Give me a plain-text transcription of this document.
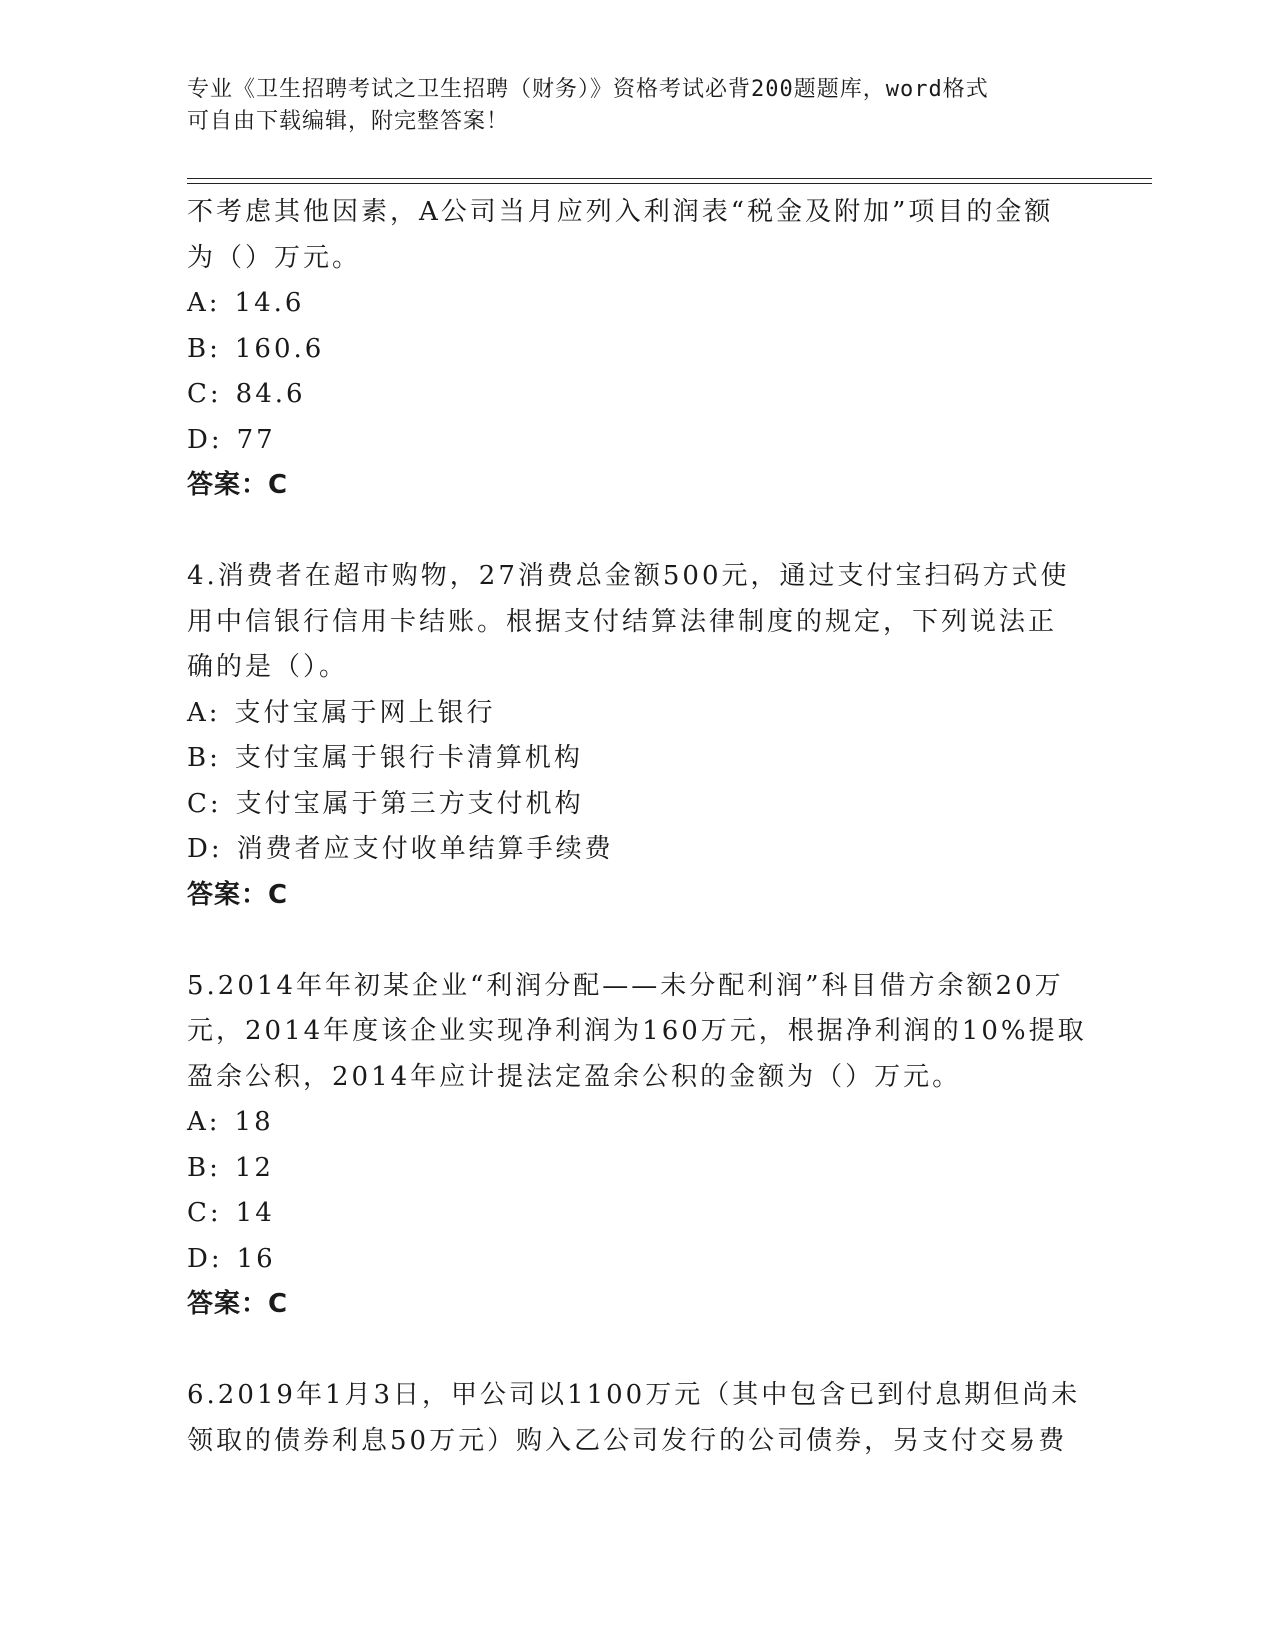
专业《卫生招聘考试之卫生招聘（财务）》资格考试必背200题题库，word格式
可自由下载编辑，附完整答案！
不考虑其他因素，A公司当月应列入利润表“税金及附加”项目的金额
为（）万元。
A: 14.6
B: 160.6
C: 84.6
D: 77
答案：C
4.消费者在超市购物，27消费总金额500元，通过支付宝扫码方式使
用中信银行信用卡结账。根据支付结算法律制度的规定，下列说法正
确的是（）。
A: 支付宝属于网上银行
B: 支付宝属于银行卡清算机构
C: 支付宝属于第三方支付机构
D: 消费者应支付收单结算手续费
答案：C
5.2014年年初某企业“利润分配——未分配利润”科目借方余额20万
元，2014年度该企业实现净利润为160万元，根据净利润的10%提取
盈余公积，2014年应计提法定盈余公积的金额为（）万元。
A: 18
B: 12
C: 14
D: 16
答案：C
6.2019年1月3日，甲公司以1100万元（其中包含已到付息期但尚未
领取的债券利息50万元）购入乙公司发行的公司债券，另支付交易费
